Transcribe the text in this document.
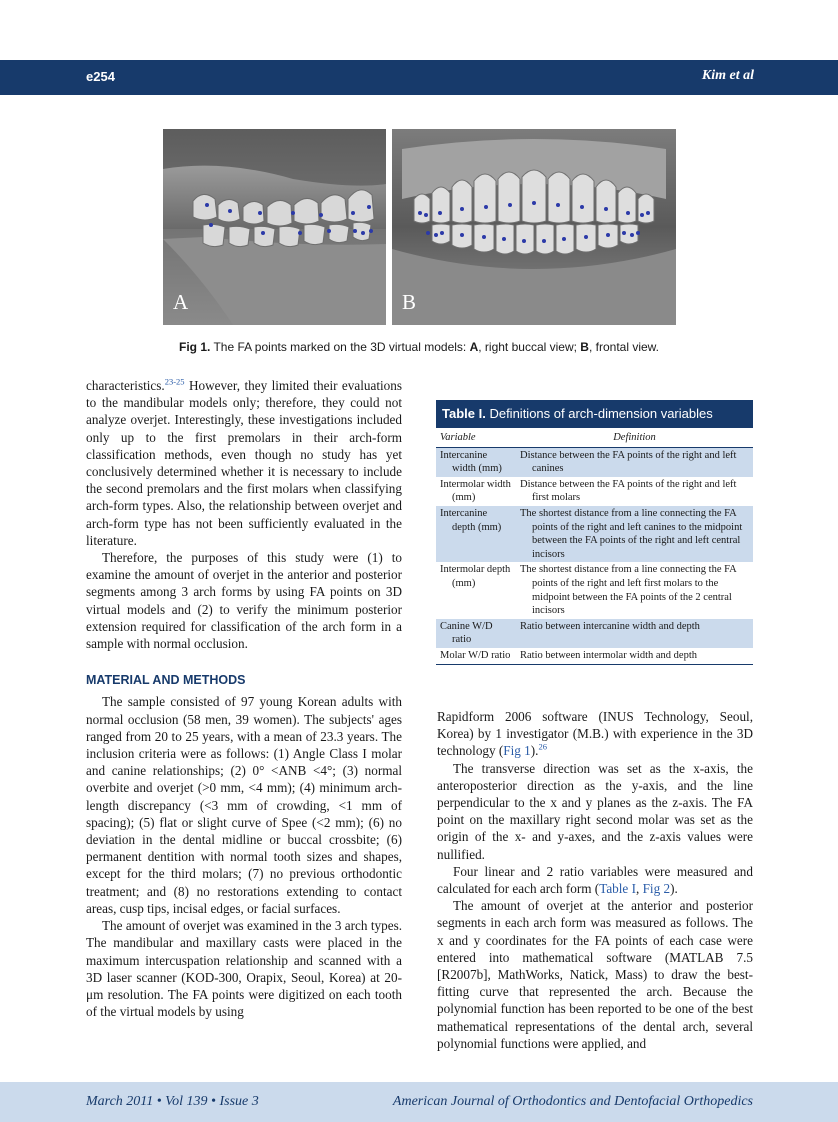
e254	Kim et al
A	B
Fig 1. The FA points marked on the 3D virtual models: A, right buccal view; B, frontal view.

characteristics.$^{23-25}$ However, they limited their evaluations to the mandibular models only; therefore, they could not analyze overjet. Interestingly, these investigations included only up to the first premolars in their arch-form classification methods, even though no study has yet conclusively determined whether it is necessary to include the second premolars and the first molars when classifying arch-form types. Also, the relationship between overjet and arch-form type has not been sufficiently evaluated in the literature.

Therefore, the purposes of this study were (1) to examine the amount of overjet in the anterior and posterior segments among 3 arch forms by using FA points on 3D virtual models and (2) to verify the minimum posterior extension required for classification of the arch form in a sample with normal occlusion.

MATERIAL AND METHODS

The sample consisted of 97 young Korean adults with normal occlusion (58 men, 39 women). The subjects' ages ranged from 20 to 25 years, with a mean of 23.3 years. The inclusion criteria were as follows: (1) Angle Class I molar and canine relationships; (2) 0° <ANB <4°; (3) normal overbite and overjet (>0 mm, <4 mm); (4) minimum arch-length discrepancy (<3 mm of crowding, <1 mm of spacing); (5) flat or slight curve of Spee (<2 mm); (6) no deviation in the dental midline or buccal crossbite; (6) permanent dentition with normal tooth sizes and shapes, except for the third molars; (7) no previous orthodontic treatment; and (8) no restorations extending to contact areas, cusp tips, incisal edges, or facial surfaces.

The amount of overjet was examined in the 3 arch types. The mandibular and maxillary casts were placed in the maximum intercuspation relationship and scanned with a 3D laser scanner (KOD-300, Orapix, Seoul, Korea) at 20-μm resolution. The FA points were digitized on each tooth of the virtual models by using

Table I. Definitions of arch-dimension variables
Variable	Definition

Intercanine width (mm)	Distance between the FA points of the right and left canines

Intermolar width (mm)	Distance between the FA points of the right and left first molars

Intercanine depth (mm)	The shortest distance from a line connecting the FA points of the right and left canines to the midpoint between the FA points of the right and left central incisors

Intermolar depth (mm)	The shortest distance from a line connecting the FA points of the right and left first molars to the midpoint between the FA points of the 2 central incisors

Canine W/D ratio	Ratio between intercanine width and depth

Molar W/D ratio	Ratio between intermolar width and depth

Rapidform 2006 software (INUS Technology, Seoul, Korea) by 1 investigator (M.B.) with experience in the 3D technology (Fig 1).$^{26}$

The transverse direction was set as the x-axis, the anteroposterior direction as the y-axis, and the line perpendicular to the x and y planes as the z-axis. The FA point on the maxillary right second molar was set as the origin of the x- and y-axes, and the z-axis values were nullified.

Four linear and 2 ratio variables were measured and calculated for each arch form (Table I, Fig 2).

The amount of overjet at the anterior and posterior segments in each arch form was measured as follows. The x and y coordinates for the FA points of each case were entered into mathematical software (MATLAB 7.5 [R2007b], MathWorks, Natick, Mass) to draw the best-fitting curve that represented the arch. Because the polynomial function has been reported to be one of the best mathematical representations of the dental arch, several polynomial functions were applied, and

March 2011 • Vol 139 • Issue 3	American Journal of Orthodontics and Dentofacial Orthopedics
